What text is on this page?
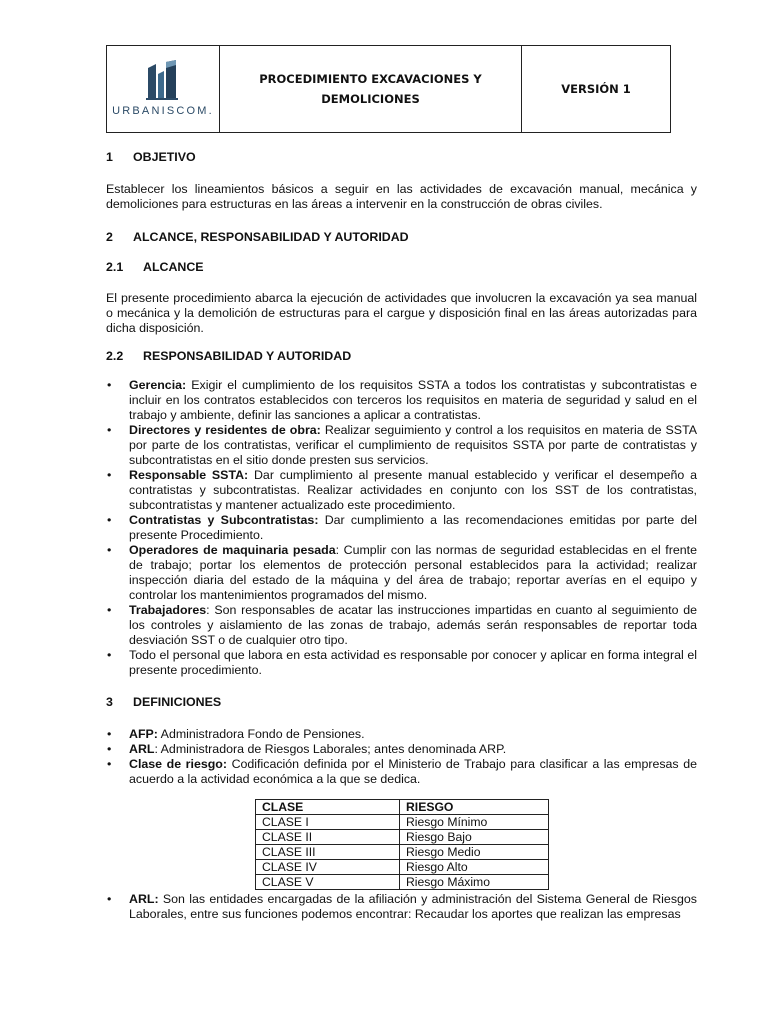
URBANISCOM.
PROCEDIMIENTO EXCAVACIONES Y
DEMOLICIONES
VERSIÓN 1
1	OBJETIVO

Establecer los lineamientos básicos a seguir en las actividades de excavación manual, mecánica y demoliciones para estructuras en las áreas a intervenir en la construcción de obras civiles.

2	ALCANCE, RESPONSABILIDAD Y AUTORIDAD
2.1	ALCANCE

El presente procedimiento abarca la ejecución de actividades que involucren la excavación ya sea manual o mecánica y la demolición de estructuras para el cargue y disposición final en las áreas autorizadas para dicha disposición.

2.2	RESPONSABILIDAD Y AUTORIDAD
• Gerencia: Exigir el cumplimiento de los requisitos SSTA a todos los contratistas y subcontratistas e incluir en los contratos establecidos con terceros los requisitos en materia de seguridad y salud en el trabajo y ambiente, definir las sanciones a aplicar a contratistas.
• Directores y residentes de obra: Realizar seguimiento y control a los requisitos en materia de SSTA por parte de los contratistas, verificar el cumplimiento de requisitos SSTA por parte de contratistas y subcontratistas en el sitio donde presten sus servicios.
• Responsable SSTA: Dar cumplimiento al presente manual establecido y verificar el desempeño a contratistas y subcontratistas. Realizar actividades en conjunto con los SST de los contratistas, subcontratistas y mantener actualizado este procedimiento.
• Contratistas y Subcontratistas: Dar cumplimiento a las recomendaciones emitidas por parte del presente Procedimiento.
• Operadores de maquinaria pesada: Cumplir con las normas de seguridad establecidas en el frente de trabajo; portar los elementos de protección personal establecidos para la actividad; realizar inspección diaria del estado de la máquina y del área de trabajo; reportar averías en el equipo y controlar los mantenimientos programados del mismo.
• Trabajadores: Son responsables de acatar las instrucciones impartidas en cuanto al seguimiento de los controles y aislamiento de las zonas de trabajo, además serán responsables de reportar toda desviación SST o de cualquier otro tipo.
• Todo el personal que labora en esta actividad es responsable por conocer y aplicar en forma integral el presente procedimiento.
3	DEFINICIONES
• AFP: Administradora Fondo de Pensiones.
• ARL: Administradora de Riesgos Laborales; antes denominada ARP.
• Clase de riesgo: Codificación definida por el Ministerio de Trabajo para clasificar a las empresas de acuerdo a la actividad económica a la que se dedica.
CLASE	RIESGO
CLASE I	Riesgo Mínimo
CLASE II	Riesgo Bajo
CLASE III	Riesgo Medio
CLASE IV	Riesgo Alto
CLASE V	Riesgo Máximo
• ARL: Son las entidades encargadas de la afiliación y administración del Sistema General de Riesgos Laborales, entre sus funciones podemos encontrar: Recaudar los aportes que realizan las empresas
